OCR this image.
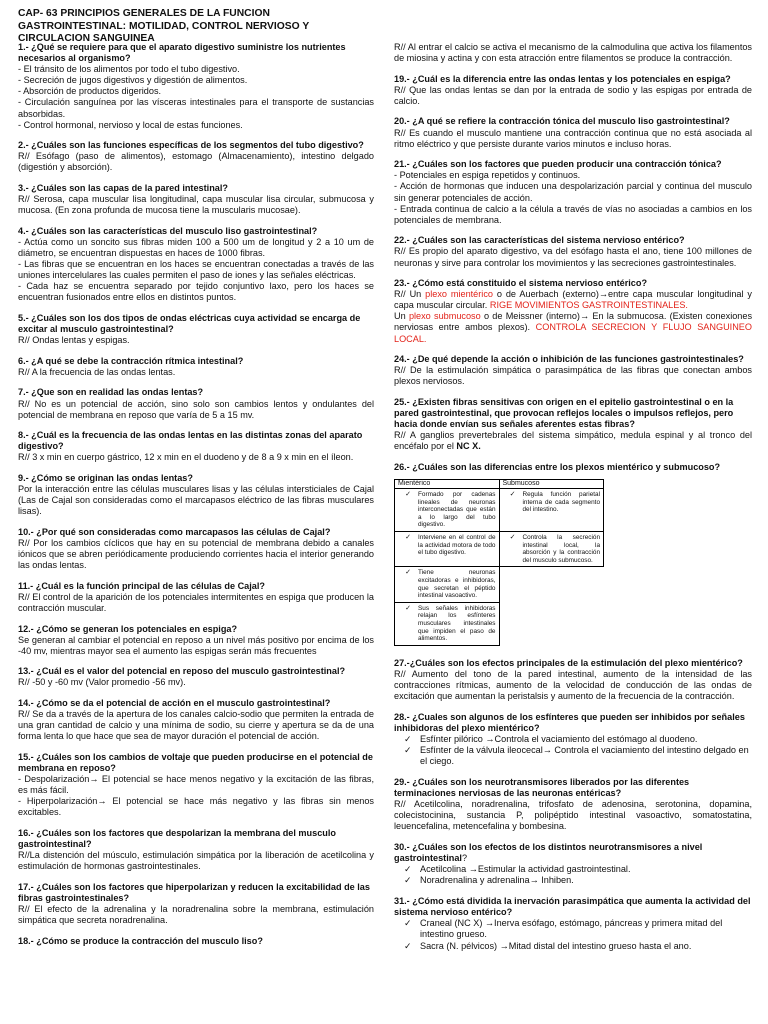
CAP- 63 PRINCIPIOS GENERALES DE LA FUNCION GASTROINTESTINAL: MOTILIDAD, CONTROL NERVIOSO Y CIRCULACION SANGUINEA
1.- ¿Qué se requiere para que el aparato digestivo suministre los nutrientes necesarios al organismo?
- El tránsito de los alimentos por todo el tubo digestivo.
- Secreción de jugos digestivos y digestión de alimentos.
- Absorción de productos digeridos.
- Circulación sanguínea por las vísceras intestinales para el transporte de sustancias absorbidas.
- Control hormonal, nervioso y local de estas funciones.
2.- ¿Cuáles son las funciones específicas de los segmentos del tubo digestivo?
R// Esófago (paso de alimentos), estomago (Almacenamiento), intestino delgado (digestión y absorción).
3.- ¿Cuáles son las capas de la pared intestinal?
R// Serosa, capa muscular lisa longitudinal, capa muscular lisa circular, submucosa y mucosa. (En zona profunda de mucosa tiene la muscularis mucosae).
4.- ¿Cuáles son las características del musculo liso gastrointestinal?
- Actúa como un soncito sus fibras miden 100 a 500 um de longitud y 2 a 10 um de diámetro, se encuentran dispuestas en haces de 1000 fibras.
- Las fibras que se encuentran en los haces se encuentran conectadas a través de las uniones intercelulares las cuales permiten el paso de iones y las señales eléctricas.
- Cada haz se encuentra separado por tejido conjuntivo laxo, pero los haces se encuentran fusionados entre ellos en distintos puntos.
5.- ¿Cuáles son los dos tipos de ondas eléctricas cuya actividad se encarga de excitar al musculo gastrointestinal?
R// Ondas lentas y espigas.
6.- ¿A qué se debe la contracción rítmica intestinal?
R// A la frecuencia de las ondas lentas.
7.- ¿Que son en realidad las ondas lentas?
R// No es un potencial de acción, sino solo son cambios lentos y ondulantes del potencial de membrana en reposo que varía de 5 a 15 mv.
8.- ¿Cuál es la frecuencia de las ondas lentas en las distintas zonas del aparato digestivo?
R// 3 x min en cuerpo gástrico, 12 x min en el duodeno y de 8 a 9 x min en el íleon.
9.- ¿Cómo se originan las ondas lentas?
Por la interacción entre las células musculares lisas y las células intersticiales de Cajal (Las de Cajal son consideradas como el marcapasos eléctrico de las fibras musculares lisas).
10.- ¿Por qué son consideradas como marcapasos las células de Cajal?
R// Por los cambios cíclicos que hay en su potencial de membrana debido a canales iónicos que se abren periódicamente produciendo corrientes hacia el interior generando las ondas lentas.
11.- ¿Cuál es la función principal de las células de Cajal?
R// El control de la aparición de los potenciales intermitentes en espiga que producen la contracción muscular.
12.- ¿Cómo se generan los potenciales en espiga?
Se generan al cambiar el potencial en reposo a un nivel más positivo por encima de los -40 mv, mientras mayor sea el aumento las espigas serán más frecuentes
13.- ¿Cuál es el valor del potencial en reposo del musculo gastrointestinal?
R// -50 y -60 mv (Valor promedio -56 mv).
14.- ¿Cómo se da el potencial de acción en el musculo gastrointestinal?
R// Se da a través de la apertura de los canales calcio-sodio que permiten la entrada de una gran cantidad de calcio y una mínima de sodio, su cierre y apertura se da de una forma lenta lo que hace que sea de mayor duración el potencial de acción.
15.- ¿Cuáles son los cambios de voltaje que pueden producirse en el potencial de membrana en reposo?
- Despolarización→ El potencial se hace menos negativo y la excitación de las fibras, es más fácil.
- Hiperpolarización→ El potencial se hace más negativo y las fibras sin menos excitables.
16.- ¿Cuáles son los factores que despolarizan la membrana del musculo gastrointestinal?
R//La distención del músculo, estimulación simpática por la liberación de acetilcolina y estimulación de hormonas gastrointestinales.
17.- ¿Cuáles son los factores que hiperpolarizan y reducen la excitabilidad de las fibras gastrointestinales?
R// El efecto de la adrenalina y la noradrenalina sobre la membrana, estimulación simpática que secreta noradrenalina.
18.- ¿Cómo se produce la contracción del musculo liso?
R// Al entrar el calcio se activa el mecanismo de la calmodulina que activa los filamentos de miosina y actina y con esta atracción entre filamentos se produce la contracción.
19.- ¿Cuál es la diferencia entre las ondas lentas y los potenciales en espiga?
R// Que las ondas lentas se dan por la entrada de sodio y las espigas por entrada de calcio.
20.- ¿A qué se refiere la contracción tónica del musculo liso gastrointestinal?
R// Es cuando el musculo mantiene una contracción continua que no está asociada al ritmo eléctrico y que persiste durante varios minutos e incluso horas.
21.- ¿Cuáles son los factores que pueden producir una contracción tónica?
- Potenciales en espiga repetidos y continuos.
- Acción de hormonas que inducen una despolarización parcial y continua del musculo sin generar potenciales de acción.
- Entrada continua de calcio a la célula a través de vías no asociadas a cambios en los potenciales de membrana.
22.- ¿Cuáles son las características del sistema nervioso entérico?
R// Es propio del aparato digestivo, va del esófago hasta el ano, tiene 100 millones de neuronas y sirve para controlar los movimientos y las secreciones gastrointestinales.
23.- ¿Cómo está constituido el sistema nervioso entérico?
R// Un plexo mientérico o de Auerbach (externo)→entre capa muscular longitudinal y capa muscular circular. RIGE MOVIMIENTOS GASTROINTESTINALES.
Un plexo submucoso o de Meissner (interno)→ En la submucosa. (Existen conexiones nerviosas entre ambos plexos). CONTROLA SECRECION Y FLUJO SANGUINEO LOCAL.
24.- ¿De qué depende la acción o inhibición de las funciones gastrointestinales?
R// De la estimulación simpática o parasimpática de las fibras que conectan ambos plexos nerviosos.
25.- ¿Existen fibras sensitivas con origen en el epitelio gastrointestinal o en la pared gastrointestinal, que provocan reflejos locales o impulsos reflejos, pero hacia donde envían sus señales aferentes estas fibras?
R// A ganglios prevertebrales del sistema simpático, medula espinal y al tronco del encéfalo por el NC X.
26.- ¿Cuáles son las diferencias entre los plexos mientérico y submucoso?
Mientérico	Submucoso

✓ Formado por cadenas lineales de neuronas interconectadas que están a lo largo del tubo digestivo.	✓ Regula función parietal interna de cada segmento del intestino.

✓ Interviene en el control de la actividad motora de todo el tubo digestivo.	✓ Controla la secreción intestinal local, la absorción y la contracción del musculo submucoso.

✓ Tiene neuronas excitadoras e inhibidoras, que secretan el péptido intestinal vasoactivo.	

✓ Sus señales inhibidoras relajan los esfínteres musculares intestinales que impiden el paso de alimentos.	

27.-¿Cuáles son los efectos principales de la estimulación del plexo mientérico?
R// Aumento del tono de la pared intestinal, aumento de la intensidad de las contracciones rítmicas, aumento de la velocidad de conducción de las ondas de excitación que aumentan la peristalsis y aumento de la frecuencia de la contracción.
28.- ¿Cuales son algunos de los esfínteres que pueden ser inhibidos por señales inhibidoras del plexo mientérico?
✓ Esfínter pilórico →Controla el vaciamiento del estómago al duodeno.
✓ Esfínter de la válvula ileocecal→ Controla el vaciamiento del intestino delgado en el ciego.
29.- ¿Cuáles son los neurotransmisores liberados por las diferentes terminaciones nerviosas de las neuronas entéricas?
R// Acetilcolina, noradrenalina, trifosfato de adenosina, serotonina, dopamina, colecistocinina, sustancia P, polipéptido intestinal vasoactivo, somatostatina, leuencefalina, metencefalina y bombesina.
30.- ¿Cuáles son los efectos de los distintos neurotransmisores a nivel gastrointestinal?
✓ Acetilcolina →Estimular la actividad gastrointestinal.
✓ Noradrenalina y adrenalina→ Inhiben.
31.- ¿Cómo está dividida la inervación parasimpática que aumenta la actividad del sistema nervioso entérico?
✓ Craneal (NC X) →Inerva esófago, estómago, páncreas y primera mitad del intestino grueso.
✓ Sacra (N. pélvicos) →Mitad distal del intestino grueso hasta el ano.
